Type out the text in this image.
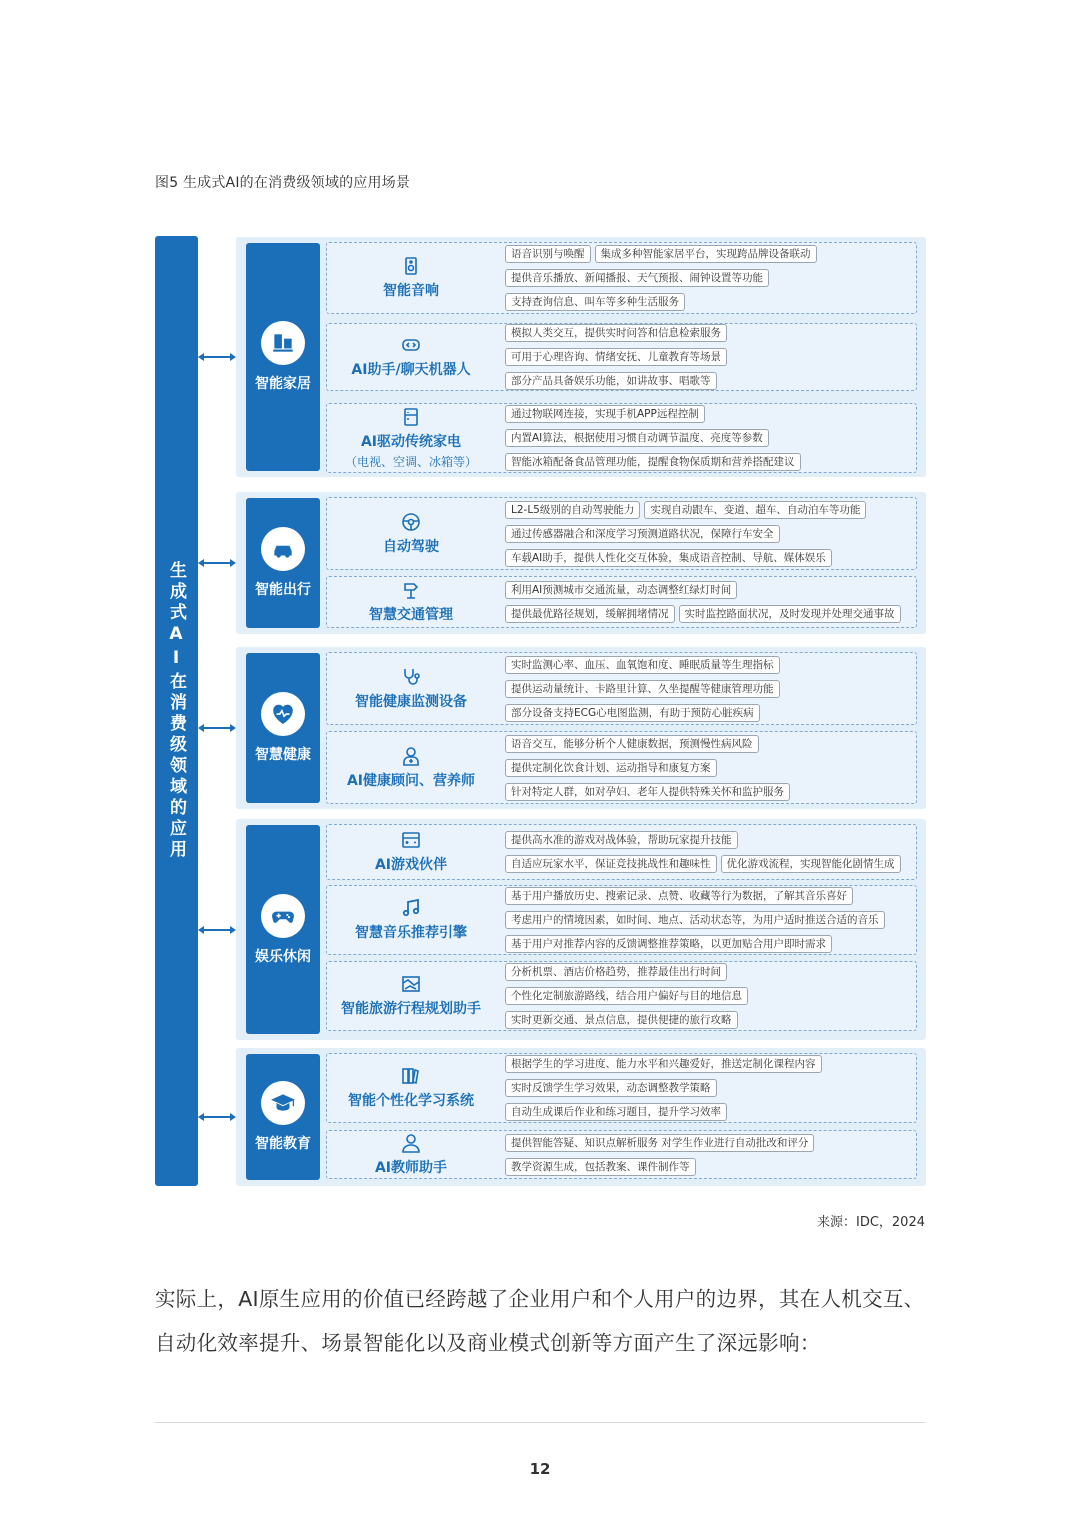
图5 生成式AI的在消费级领域的应用场景
生成式AI在消费级领域的应用
智能家居
智能音响
语音识别与唤醒	集成多种智能家居平台，实现跨品牌设备联动
提供音乐播放、新闻播报、天气预报、闹钟设置等功能
支持查询信息、叫车等多种生活服务
AI助手/聊天机器人
模拟人类交互，提供实时问答和信息检索服务
可用于心理咨询、情绪安抚、儿童教育等场景
部分产品具备娱乐功能，如讲故事、唱歌等
AI驱动传统家电
（电视、空调、冰箱等）
通过物联网连接，实现手机APP远程控制
内置AI算法，根据使用习惯自动调节温度、亮度等参数
智能冰箱配备食品管理功能，提醒食物保质期和营养搭配建议
智能出行
自动驾驶
L2-L5级别的自动驾驶能力	实现自动跟车、变道、超车、自动泊车等功能
通过传感器融合和深度学习预测道路状况，保障行车安全
车载AI助手，提供人性化交互体验，集成语音控制、导航、媒体娱乐
智慧交通管理
利用AI预测城市交通流量，动态调整红绿灯时间
提供最优路径规划，缓解拥堵情况	实时监控路面状况，及时发现并处理交通事故
智慧健康
智能健康监测设备
实时监测心率、血压、血氧饱和度、睡眠质量等生理指标
提供运动量统计、卡路里计算、久坐提醒等健康管理功能
部分设备支持ECG心电图监测，有助于预防心脏疾病
AI健康顾问、营养师
语音交互，能够分析个人健康数据，预测慢性病风险
提供定制化饮食计划、运动指导和康复方案
针对特定人群，如对孕妇、老年人提供特殊关怀和监护服务
娱乐休闲
AI游戏伙伴
提供高水准的游戏对战体验，帮助玩家提升技能
自适应玩家水平，保证竞技挑战性和趣味性	优化游戏流程，实现智能化剧情生成
智慧音乐推荐引擎
基于用户播放历史、搜索记录、点赞、收藏等行为数据，了解其音乐喜好
考虑用户的情境因素，如时间、地点、活动状态等，为用户适时推送合适的音乐
基于用户对推荐内容的反馈调整推荐策略，以更加贴合用户即时需求
智能旅游行程规划助手
分析机票、酒店价格趋势，推荐最佳出行时间
个性化定制旅游路线，结合用户偏好与目的地信息
实时更新交通、景点信息，提供便捷的旅行攻略
智能教育
智能个性化学习系统
根据学生的学习进度、能力水平和兴趣爱好，推送定制化课程内容
实时反馈学生学习效果，动态调整教学策略
自动生成课后作业和练习题目，提升学习效率
AI教师助手
提供智能答疑、知识点解析服务 对学生作业进行自动批改和评分
教学资源生成，包括教案、课件制作等
来源：IDC，2024
实际上，AI原生应用的价值已经跨越了企业用户和个人用户的边界，其在人机交互、自动化效率提升、场景智能化以及商业模式创新等方面产生了深远影响：
12
